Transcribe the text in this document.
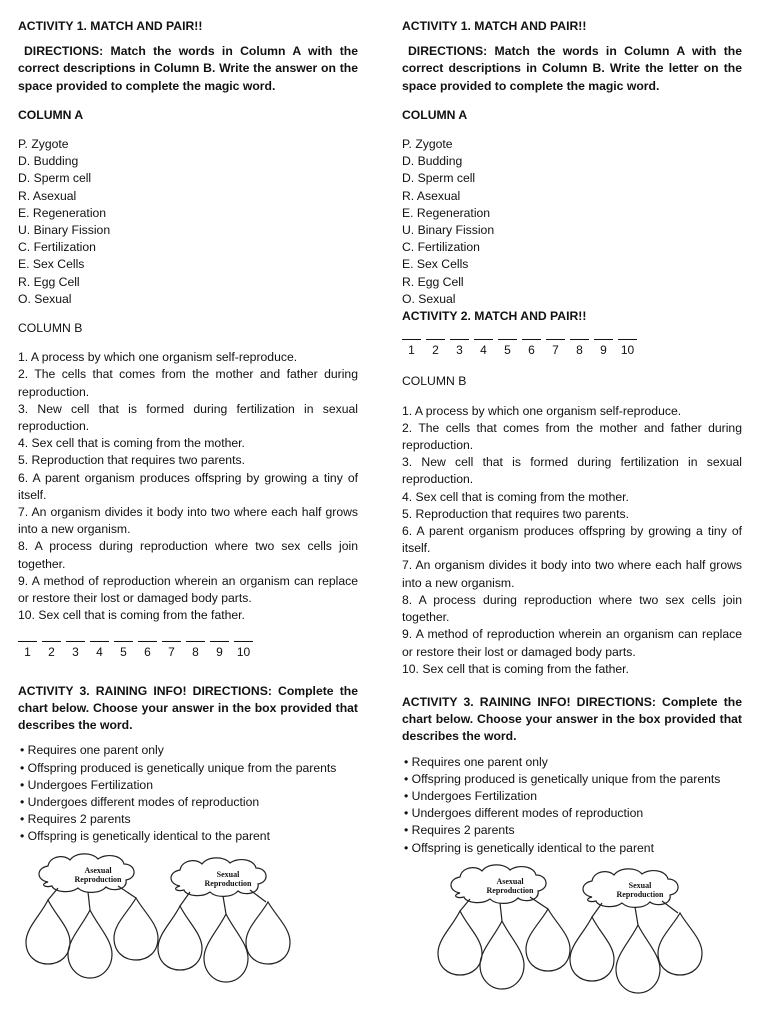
ACTIVITY 1. MATCH AND PAIR!!
DIRECTIONS: Match the words in Column A with the correct descriptions in Column B. Write the answer on the space provided to complete the magic word.
COLUMN A
P. Zygote
D. Budding
D. Sperm cell
R. Asexual
E. Regeneration
U. Binary Fission
C. Fertilization
E. Sex Cells
R. Egg Cell
O. Sexual
COLUMN B
1. A process by which one organism self-reproduce.
2. The cells that comes from the mother and father during reproduction.
3. New cell that is formed during fertilization in sexual reproduction.
4. Sex cell that is coming from the mother.
5. Reproduction that requires two parents.
6. A parent organism produces offspring by growing a tiny of itself.
7. An organism divides it body into two where each half grows into a new organism.
8. A process during reproduction where two sex cells join together.
9. A method of reproduction wherein an organism can replace or restore their lost or damaged body parts.
10. Sex cell that is coming from the father.
1	2	3	4	5	6	7	8	9	10
ACTIVITY 3. RAINING INFO! DIRECTIONS: Complete the chart below. Choose your answer in the box provided that describes the word.
• Requires one parent only
• Offspring produced is genetically unique from the parents
• Undergoes Fertilization
• Undergoes different modes of reproduction
• Requires 2 parents
• Offspring is genetically identical to the parent
Asexual
Reproduction
Sexual
Reproduction
ACTIVITY 1. MATCH AND PAIR!!
DIRECTIONS: Match the words in Column A with the correct descriptions in Column B. Write the letter on the space provided to complete the magic word.
COLUMN A
P. Zygote
D. Budding
D. Sperm cell
R. Asexual
E. Regeneration
U. Binary Fission
C. Fertilization
E. Sex Cells
R. Egg Cell
O. Sexual
ACTIVITY 2. MATCH AND PAIR!!
1	2	3	4	5	6	7	8	9	10
COLUMN B
1. A process by which one organism self-reproduce.
2. The cells that comes from the mother and father during reproduction.
3. New cell that is formed during fertilization in sexual reproduction.
4. Sex cell that is coming from the mother.
5. Reproduction that requires two parents.
6. A parent organism produces offspring by growing a tiny of itself.
7. An organism divides it body into two where each half grows into a new organism.
8. A process during reproduction where two sex cells join together.
9. A method of reproduction wherein an organism can replace or restore their lost or damaged body parts.
10. Sex cell that is coming from the father.
ACTIVITY 3. RAINING INFO! DIRECTIONS: Complete the chart below. Choose your answer in the box provided that describes the word.
• Requires one parent only
• Offspring produced is genetically unique from the parents
• Undergoes Fertilization
• Undergoes different modes of reproduction
• Requires 2 parents
• Offspring is genetically identical to the parent
Asexual
Reproduction
Sexual
Reproduction
